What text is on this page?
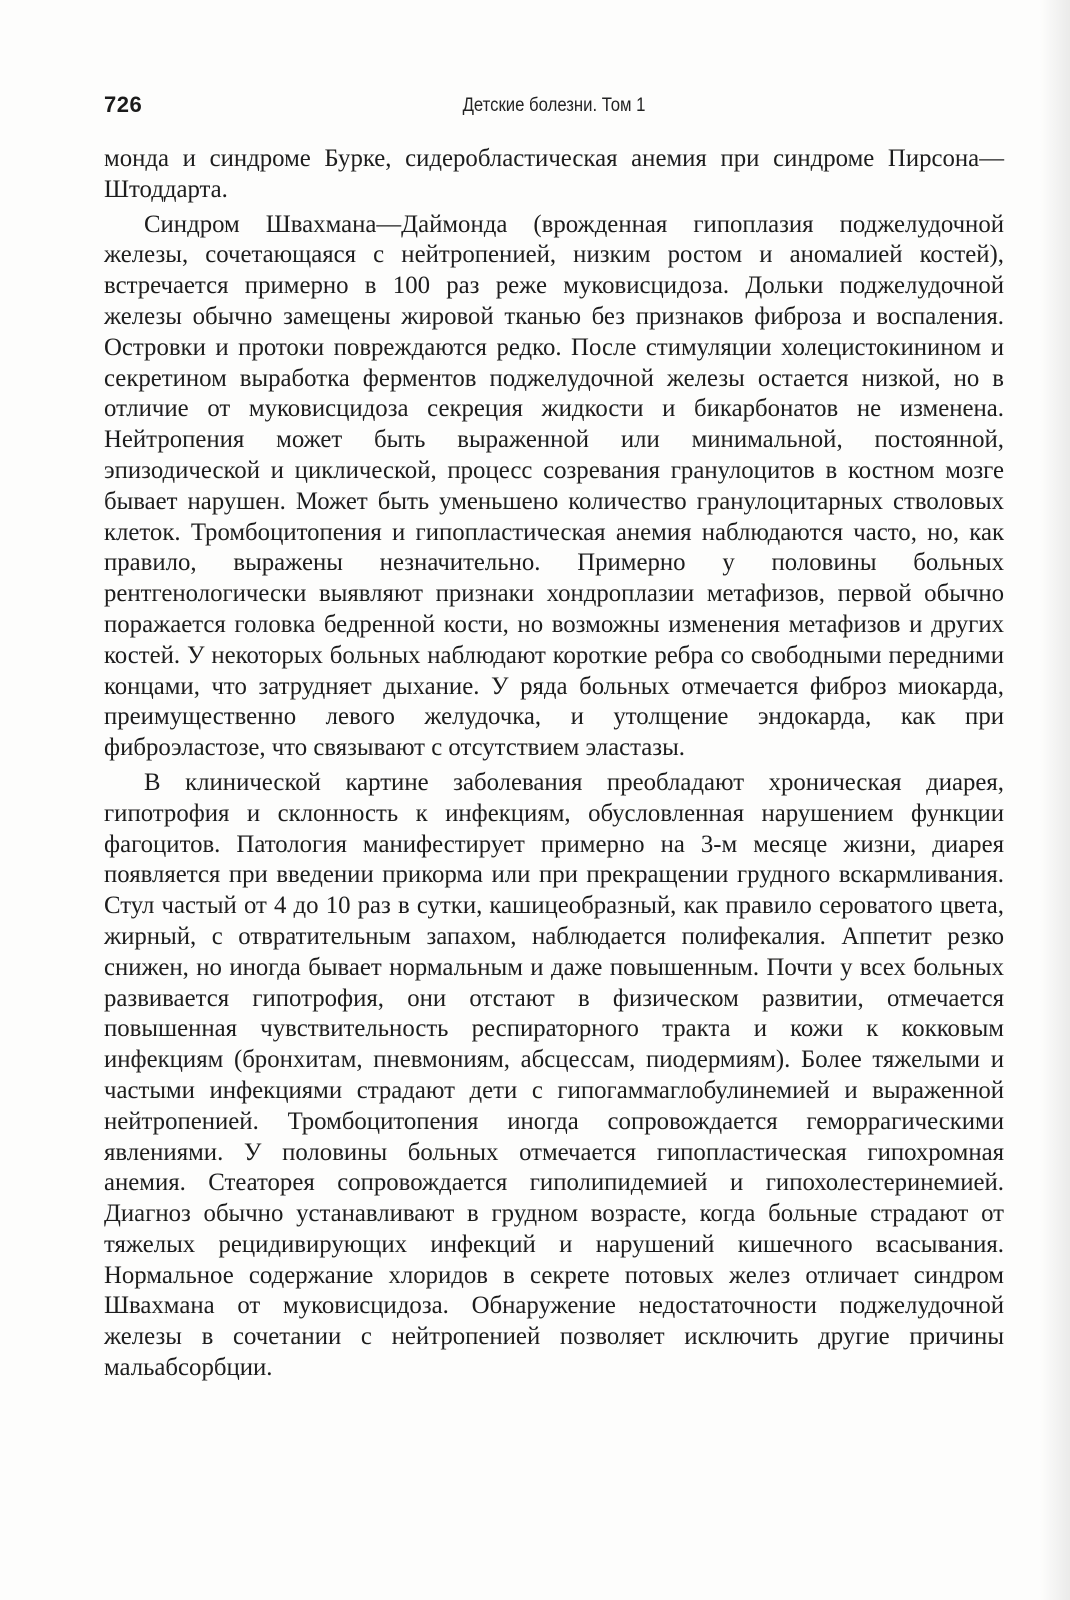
726	Детские болезни. Том 1

монда и синдроме Бурке, сидеробластическая анемия при синдроме Пирсона—Штоддарта.

Синдром Швахмана—Даймонда (врожденная гипоплазия поджелудочной железы, сочетающаяся с нейтропенией, низким ростом и аномалией костей), встречается примерно в 100 раз реже муковисцидоза. Дольки поджелудочной железы обычно замещены жировой тканью без признаков фиброза и воспаления. Островки и протоки повреждаются редко. После стимуляции холецистокинином и секретином выработка ферментов поджелудочной железы остается низкой, но в отличие от муковисцидоза секреция жидкости и бикарбонатов не изменена. Нейтропения может быть выраженной или минимальной, постоянной, эпизодической и циклической, процесс созревания гранулоцитов в костном мозге бывает нарушен. Может быть уменьшено количество гранулоцитарных стволовых клеток. Тромбоцитопения и гипопластическая анемия наблюдаются часто, но, как правило, выражены незначительно. Примерно у половины больных рентгенологически выявляют признаки хондроплазии метафизов, первой обычно поражается головка бедренной кости, но возможны изменения метафизов и других костей. У некоторых больных наблюдают короткие ребра со свободными передними концами, что затрудняет дыхание. У ряда больных отмечается фиброз миокарда, преимущественно левого желудочка, и утолщение эндокарда, как при фиброэластозе, что связывают с отсутствием эластазы.

В клинической картине заболевания преобладают хроническая диарея, гипотрофия и склонность к инфекциям, обусловленная нарушением функции фагоцитов. Патология манифестирует примерно на 3-м месяце жизни, диарея появляется при введении прикорма или при прекращении грудного вскармливания. Стул частый от 4 до 10 раз в сутки, кашицеобразный, как правило сероватого цвета, жирный, с отвратительным запахом, наблюдается полифекалия. Аппетит резко снижен, но иногда бывает нормальным и даже повышенным. Почти у всех больных развивается гипотрофия, они отстают в физическом развитии, отмечается повышенная чувствительность респираторного тракта и кожи к кокковым инфекциям (бронхитам, пневмониям, абсцессам, пиодермиям). Более тяжелыми и частыми инфекциями страдают дети с гипогаммаглобулинемией и выраженной нейтропенией. Тромбоцитопения иногда сопровождается геморрагическими явлениями. У половины больных отмечается гипопластическая гипохромная анемия. Стеаторея сопровождается гиполипидемией и гипохолестеринемией. Диагноз обычно устанавливают в грудном возрасте, когда больные страдают от тяжелых рецидивирующих инфекций и нарушений кишечного всасывания. Нормальное содержание хлоридов в секрете потовых желез отличает синдром Швахмана от муковисцидоза. Обнаружение недостаточности поджелудочной железы в сочетании с нейтропенией позволяет исключить другие причины мальабсорбции.
